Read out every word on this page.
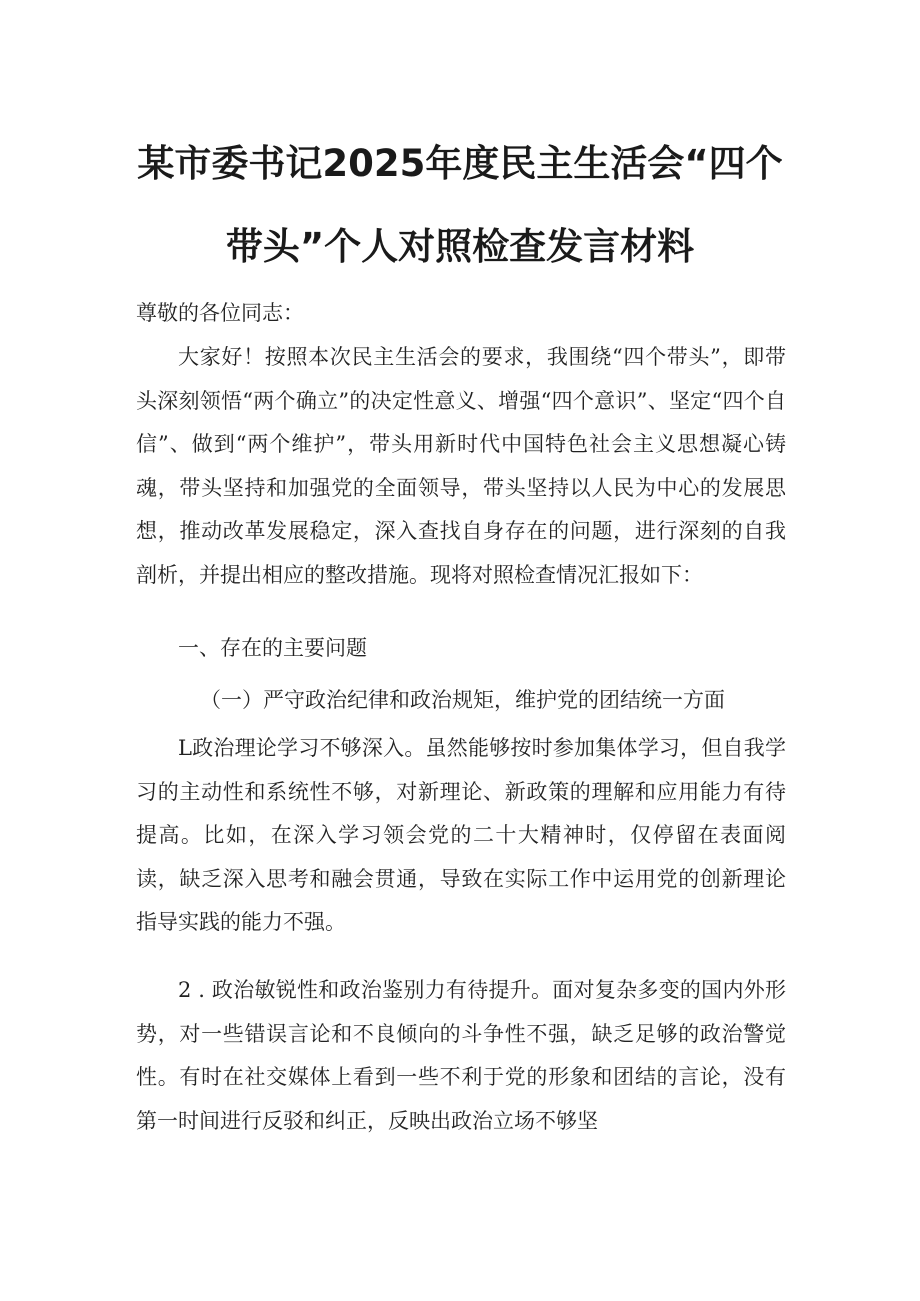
某市委书记2025年度民主生活会“四个
带头”个人对照检查发言材料
尊敬的各位同志：
大家好！按照本次民主生活会的要求，我围绕“四个带头”，即带头深刻领悟“两个确立”的决定性意义、增强“四个意识”、坚定“四个自信”、做到“两个维护”，带头用新时代中国特色社会主义思想凝心铸魂，带头坚持和加强党的全面领导，带头坚持以人民为中心的发展思想，推动改革发展稳定，深入查找自身存在的问题，进行深刻的自我剖析，并提出相应的整改措施。现将对照检查情况汇报如下：
一、存在的主要问题
（一）严守政治纪律和政治规矩，维护党的团结统一方面
L政治理论学习不够深入。虽然能够按时参加集体学习，但自我学习的主动性和系统性不够，对新理论、新政策的理解和应用能力有待提高。比如，在深入学习领会党的二十大精神时，仅停留在表面阅读，缺乏深入思考和融会贯通，导致在实际工作中运用党的创新理论指导实践的能力不强。
2 . 政治敏锐性和政治鉴别力有待提升。面对复杂多变的国内外形势，对一些错误言论和不良倾向的斗争性不强，缺乏足够的政治警觉性。有时在社交媒体上看到一些不利于党的形象和团结的言论，没有第一时间进行反驳和纠正，反映出政治立场不够坚
